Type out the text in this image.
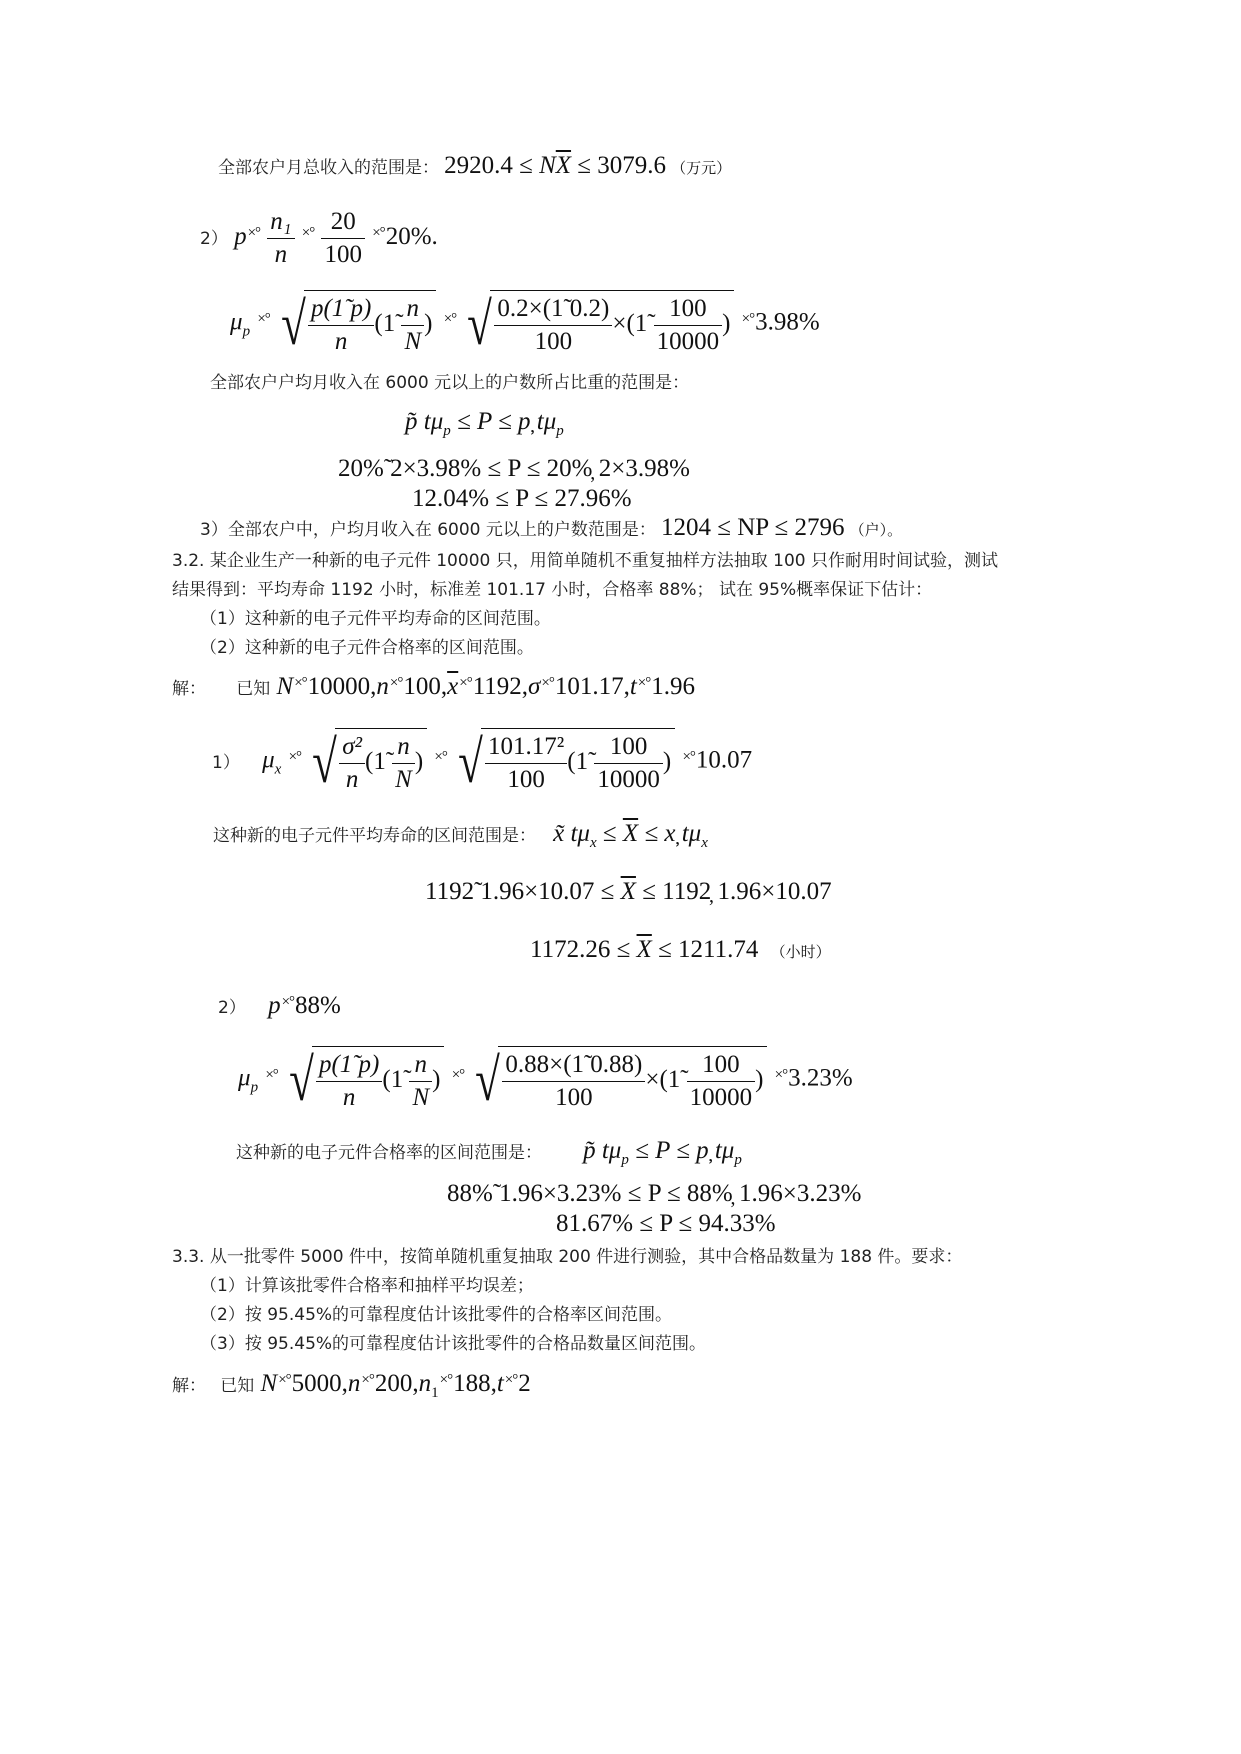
全部农户月总收入的范围是： $2920.4 \le N\overline{X} \le 3079.6$ （万元）
2） $p^{\times^\circ} \frac{\text{n₁}}{n} ^{\times^\circ} \frac{20}{100} ^{\times^\circ}20\%$.
$\mu_p$ ×° √ $\frac{p(1̃ p)}{n}$ (1̃ $\frac{n}{N}$ ) ×° √ $\frac{0.2\times(1̃ 0.2)}{100}$ ×(1̃ $\frac{100}{10000}$ ) ×°3.98%
全部农户户均月收入在 6000 元以上的户数所占比重的范围是：
p̃ $t\mu_p \le P$ ≤ p̦ $t\mu_p$
20%̃ 2×3.98% ≤ P ≤ 20%̦ 2×3.98%
12.04% ≤ P ≤ 27.96%
3）全部农户中，户均月收入在 6000 元以上的户数范围是： 1204 ≤ NP ≤ 2796 （户）。
3.2. 某企业生产一种新的电子元件 10000 只，用简单随机不重复抽样方法抽取 100 只作耐用时间试验，测试
结果得到：平均寿命 1192 小时，标准差 101.17 小时，合格率 88%； 试在 95%概率保证下估计：
（1）这种新的电子元件平均寿命的区间范围。
（2）这种新的电子元件合格率的区间范围。
解： 已知 $N^{\times^\circ}10000,n^{\times^\circ}100,\overline{x}^{\times^\circ}1192,\sigma^{\times^\circ}101.17,t^{\times^\circ}1.96$
1） $\mu_x$ ×° √ $\frac{\text{σ²}}{n}$ (1̃ $\frac{n}{N}$ ) ×° √ $\frac{\text{101.17²}}{100}$ (1̃ $\frac{100}{10000}$ ) ×°10.07
这种新的电子元件平均寿命的区间范围是： x̃ $t\mu_x \le \overline{X}$ ≤ x̦ $t\mu_x$
1192̃ $1.96\times 10.07 \le \overline{X}$ ≤ 1192̦ 1.96×10.07
$1172.26 \le \overline{X} \le 1211.74$ （小时）
2） p×°88%
$\mu_p$ ×° √ $\frac{p(1̃ p)}{n}$ (1̃ $\frac{n}{N}$ ) ×° √ $\frac{0.88\times(1̃ 0.88)}{100}$ ×(1̃ $\frac{100}{10000}$ ) ×°3.23%
这种新的电子元件合格率的区间范围是： p̃ $t\mu_p \le P$ ≤ p̦ $t\mu_p$
88%̃ 1.96×3.23% ≤ P ≤ 88%̦ 1.96×3.23%
81.67% ≤ P ≤ 94.33%
3.3. 从一批零件 5000 件中，按简单随机重复抽取 200 件进行测验，其中合格品数量为 188 件。要求：
（1）计算该批零件合格率和抽样平均误差；
（2）按 95.45%的可靠程度估计该批零件的合格率区间范围。
（3）按 95.45%的可靠程度估计该批零件的合格品数量区间范围。
解： 已知 $N^{\times^\circ}5000,n^{\times^\circ}200,n_1^{\times^\circ}188,t^{\times^\circ}2$
